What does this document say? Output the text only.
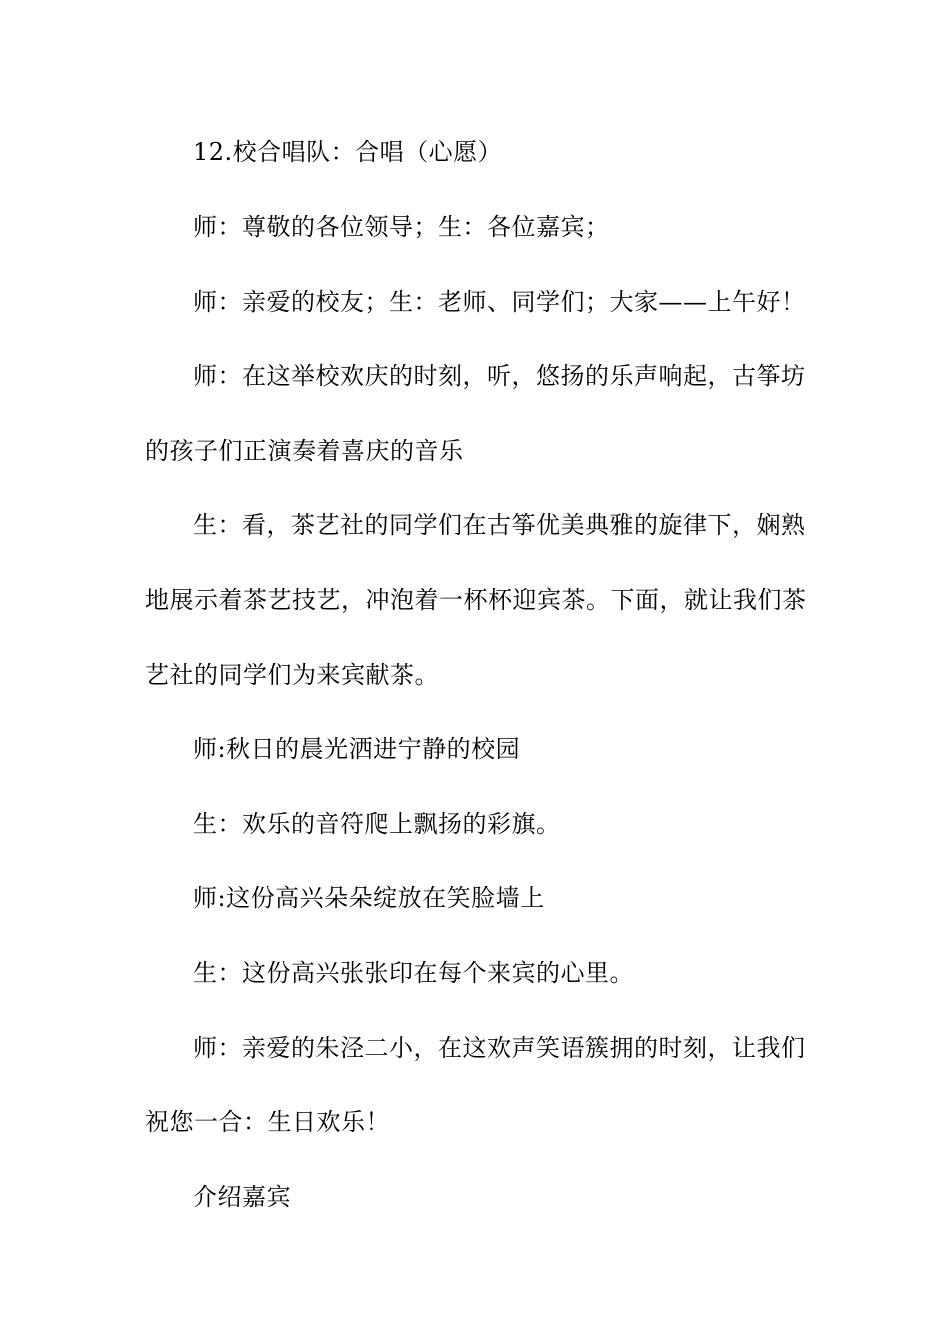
12.校合唱队：合唱（心愿）
师：尊敬的各位领导；生：各位嘉宾；
师：亲爱的校友；生：老师、同学们；大家——上午好！
师：在这举校欢庆的时刻，听，悠扬的乐声响起，古筝坊
的孩子们正演奏着喜庆的音乐
生：看，茶艺社的同学们在古筝优美典雅的旋律下，娴熟
地展示着茶艺技艺，冲泡着一杯杯迎宾茶。下面，就让我们茶
艺社的同学们为来宾献茶。
师:秋日的晨光洒进宁静的校园
生：欢乐的音符爬上飘扬的彩旗。
师:这份高兴朵朵绽放在笑脸墙上
生：这份高兴张张印在每个来宾的心里。
师：亲爱的朱泾二小，在这欢声笑语簇拥的时刻，让我们
祝您一合：生日欢乐！
介绍嘉宾
